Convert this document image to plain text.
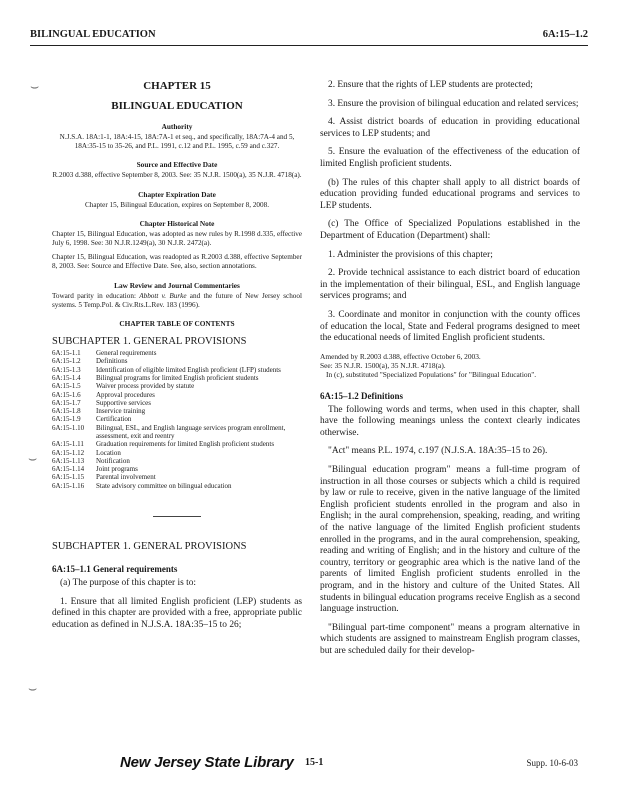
BILINGUAL EDUCATION	6A:15–1.2
⌣
⌣
⌣
CHAPTER 15
BILINGUAL EDUCATION
Authority
N.J.S.A. 18A:1-1, 18A:4-15, 18A:7A-1 et seq., and specifically, 18A:7A-4 and 5, 18A:35-15 to 35-26, and P.L. 1991, c.12 and P.L. 1995, c.59 and c.327.
Source and Effective Date
R.2003 d.388, effective September 8, 2003. See: 35 N.J.R. 1500(a), 35 N.J.R. 4718(a).
Chapter Expiration Date
Chapter 15, Bilingual Education, expires on September 8, 2008.
Chapter Historical Note
Chapter 15, Bilingual Education, was adopted as new rules by R.1998 d.335, effective July 6, 1998. See: 30 N.J.R.1249(a), 30 N.J.R. 2472(a).
Chapter 15, Bilingual Education, was readopted as R.2003 d.388, effective September 8, 2003. See: Source and Effective Date. See, also, section annotations.
Law Review and Journal Commentaries
Toward parity in education: Abbott v. Burke and the future of New Jersey school systems. 5 Temp.Pol. & Civ.Rts.L.Rev. 183 (1996).
CHAPTER TABLE OF CONTENTS
SUBCHAPTER 1. GENERAL PROVISIONS
6A:15-1.1	General requirements
6A:15-1.2	Definitions
6A:15-1.3	Identification of eligible limited English proficient (LFP) students
6A:15-1.4	Bilingual programs for limited English proficient students
6A:15-1.5	Waiver process provided by statute
6A:15-1.6	Approval procedures
6A:15-1.7	Supportive services
6A:15-1.8	Inservice training
6A:15-1.9	Certification
6A:15-1.10	Bilingual, ESL, and English language services program enrollment, assessment, exit and reentry
6A:15-1.11	Graduation requirements for limited English proficient students
6A:15-1.12	Location
6A:15-1.13	Notification
6A:15-1.14	Joint programs
6A:15-1.15	Parental involvement
6A:15-1.16	State advisory committee on bilingual education
SUBCHAPTER 1. GENERAL PROVISIONS
6A:15–1.1 General requirements
(a) The purpose of this chapter is to:
1. Ensure that all limited English proficient (LEP) students as defined in this chapter are provided with a free, appropriate public education as defined in N.J.S.A. 18A:35–15 to 26;
2. Ensure that the rights of LEP students are protected;
3. Ensure the provision of bilingual education and related services;
4. Assist district boards of education in providing educational services to LEP students; and
5. Ensure the evaluation of the effectiveness of the education of limited English proficient students.
(b) The rules of this chapter shall apply to all district boards of education providing funded educational programs and services to LEP students.
(c) The Office of Specialized Populations established in the Department of Education (Department) shall:
1. Administer the provisions of this chapter;
2. Provide technical assistance to each district board of education in the implementation of their bilingual, ESL, and English language services programs; and
3. Coordinate and monitor in conjunction with the county offices of education the local, State and Federal programs designed to meet the educational needs of limited English proficient students.
Amended by R.2003 d.388, effective October 6, 2003.
See: 35 N.J.R. 1500(a), 35 N.J.R. 4718(a).
In (c), substituted "Specialized Populations" for "Bilingual Education".
6A:15–1.2 Definitions
The following words and terms, when used in this chapter, shall have the following meanings unless the context clearly indicates otherwise.
"Act" means P.L. 1974, c.197 (N.J.S.A. 18A:35–15 to 26).
"Bilingual education program" means a full-time program of instruction in all those courses or subjects which a child is required by law or rule to receive, given in the native language of the limited English proficient students enrolled in the program and also in English; in the aural comprehension, speaking, reading, and writing of the native language of the limited English proficient students enrolled in the programs, and in the aural comprehension, speaking, reading and writing of English; and in the history and culture of the country, territory or geographic area which is the native land of the parents of limited English proficient students enrolled in the program, and in the history and culture of the United States. All students in bilingual education programs receive English as a second language instruction.
"Bilingual part-time component" means a program alternative in which students are assigned to mainstream English program classes, but are scheduled daily for their develop-
New Jersey State Library 15-1	Supp. 10-6-03
